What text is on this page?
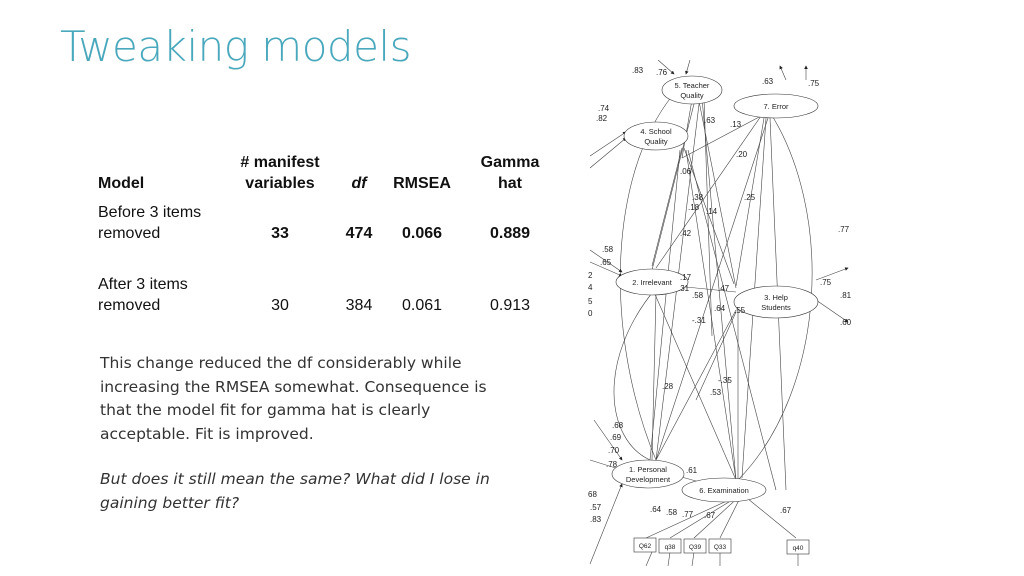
Tweaking models
Model	# manifest
variables	df	RMSEA	Gamma
hat
Before 3 items
removed	33	474	0.066	0.889

After 3 items
removed	30	384	0.061	0.913

This change reduced the df considerably while increasing the RMSEA somewhat. Consequence is that the model fit for gamma hat is clearly acceptable. Fit is improved.

But does it still mean the same? What did I lose in gaining better fit?

5. Teacher
Quality
7. Error
4. School
Quality
2. Irrelevant
3. Help
Students
1. Personal
Development
6. Examination
Q62 q38 Q39 Q33	q40
.83 .76
.63	.75
.74
.82	.63 .13
.20
.06
.38
.18 .14
.25
.77
.42
.58
.65
2
4
5
0
.17
.31	.47
.58
.64 .55
.75
.81
-.31	.60
.28
-.35
.53
.68
.69
.70
.78
.61
68
.57
.83
.64 .58 .77 .67
.67
